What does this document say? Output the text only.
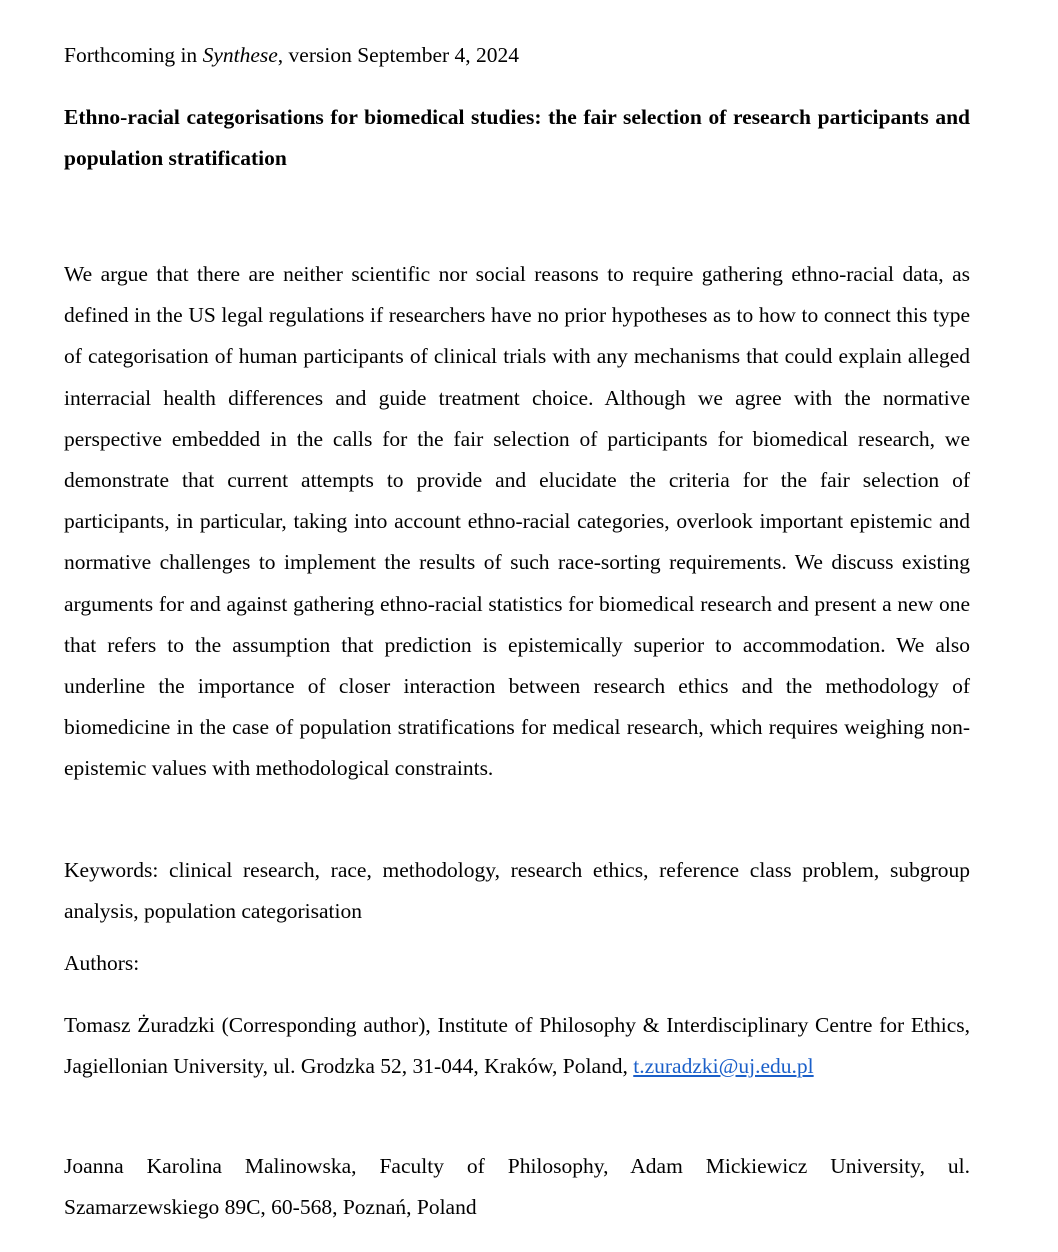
Forthcoming in Synthese, version September 4, 2024
Ethno-racial categorisations for biomedical studies: the fair selection of research participants and population stratification
We argue that there are neither scientific nor social reasons to require gathering ethno-racial data, as defined in the US legal regulations if researchers have no prior hypotheses as to how to connect this type of categorisation of human participants of clinical trials with any mechanisms that could explain alleged interracial health differences and guide treatment choice. Although we agree with the normative perspective embedded in the calls for the fair selection of participants for biomedical research, we demonstrate that current attempts to provide and elucidate the criteria for the fair selection of participants, in particular, taking into account ethno-racial categories, overlook important epistemic and normative challenges to implement the results of such race-sorting requirements. We discuss existing arguments for and against gathering ethno-racial statistics for biomedical research and present a new one that refers to the assumption that prediction is epistemically superior to accommodation. We also underline the importance of closer interaction between research ethics and the methodology of biomedicine in the case of population stratifications for medical research, which requires weighing non-epistemic values with methodological constraints.
Keywords: clinical research, race, methodology, research ethics, reference class problem, subgroup analysis, population categorisation
Authors:
Tomasz Żuradzki (Corresponding author), Institute of Philosophy & Interdisciplinary Centre for Ethics, Jagiellonian University, ul. Grodzka 52, 31-044, Kraków, Poland, t.zuradzki@uj.edu.pl
Joanna Karolina Malinowska, Faculty of Philosophy, Adam Mickiewicz University, ul. Szamarzewskiego 89C, 60-568, Poznań, Poland
